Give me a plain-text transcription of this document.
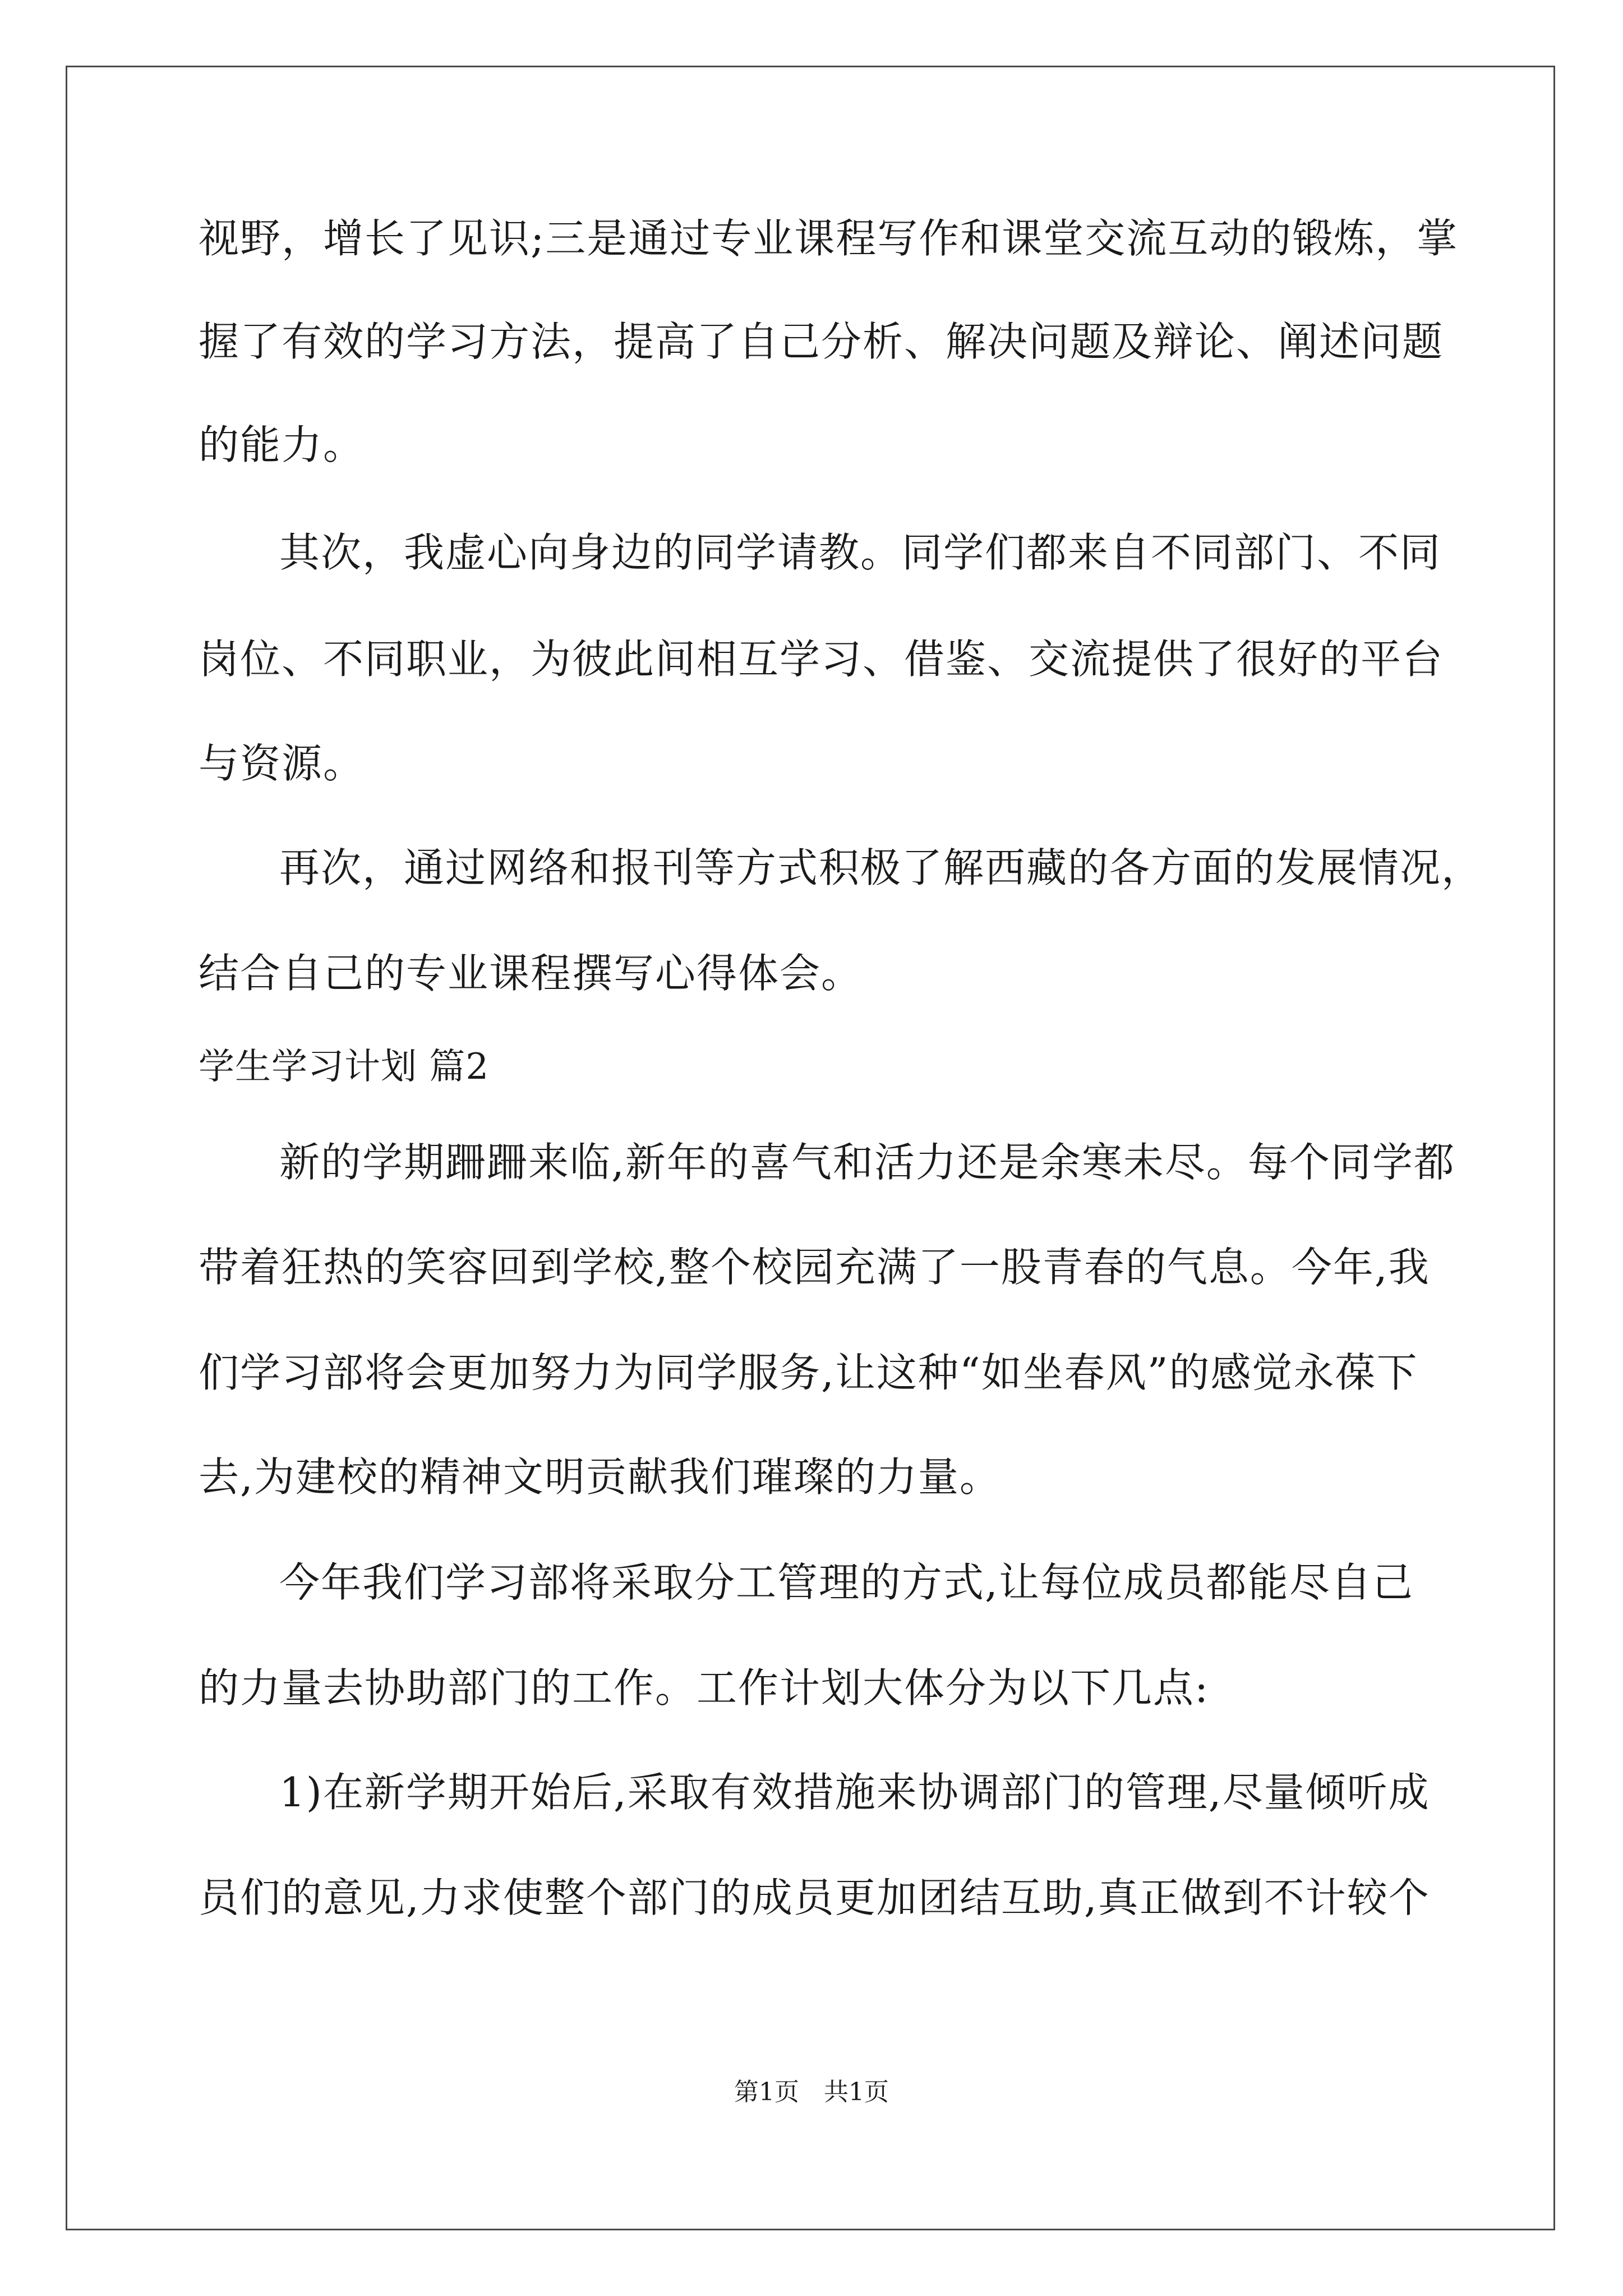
视野，增长了见识;三是通过专业课程写作和课堂交流互动的锻炼，掌
握了有效的学习方法，提高了自己分析、解决问题及辩论、阐述问题
的能力。
其次，我虚心向身边的同学请教。同学们都来自不同部门、不同
岗位、不同职业，为彼此间相互学习、借鉴、交流提供了很好的平台
与资源。
再次，通过网络和报刊等方式积极了解西藏的各方面的发展情况，
结合自己的专业课程撰写心得体会。
学生学习计划 篇2
新的学期跚跚来临,新年的喜气和活力还是余寒未尽。每个同学都
带着狂热的笑容回到学校,整个校园充满了一股青春的气息。今年,我
们学习部将会更加努力为同学服务,让这种“如坐春风”的感觉永葆下
去,为建校的精神文明贡献我们璀璨的力量。
今年我们学习部将采取分工管理的方式,让每位成员都能尽自己
的力量去协助部门的工作。工作计划大体分为以下几点:
1)在新学期开始后,采取有效措施来协调部门的管理,尽量倾听成
员们的意见,力求使整个部门的成员更加团结互助,真正做到不计较个
第1页　共1页
